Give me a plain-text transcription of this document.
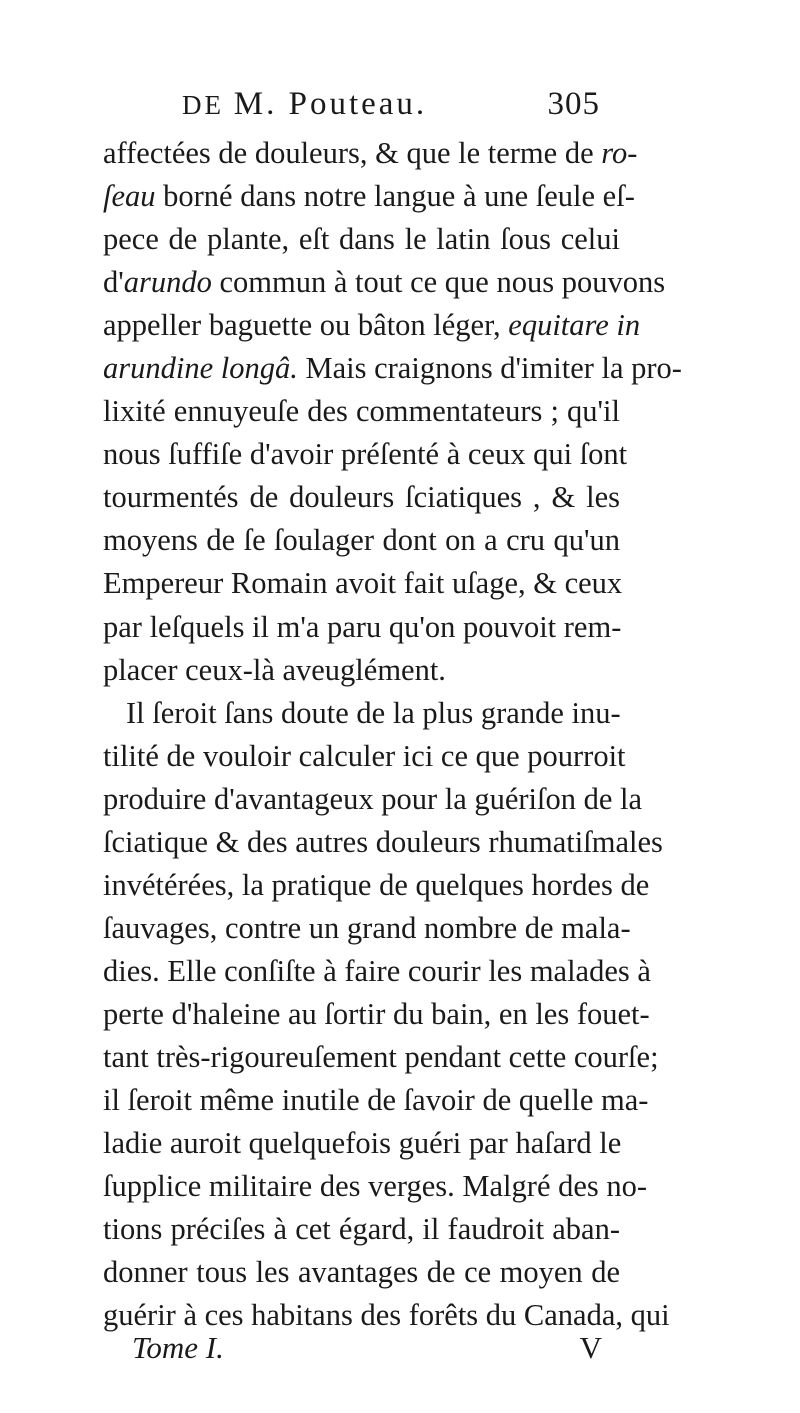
DE M. Pouteau.	305
affectées de douleurs, & que le terme de ro-
ſeau borné dans notre langue à une ſeule eſ-
pece de plante, eſt dans le latin ſous celui
d'arundo commun à tout ce que nous pouvons
appeller baguette ou bâton léger, equitare in
arundine longâ. Mais craignons d'imiter la pro-
lixité ennuyeuſe des commentateurs ; qu'il
nous ſuffiſe d'avoir préſenté à ceux qui ſont
tourmentés de douleurs ſciatiques , & les
moyens de ſe ſoulager dont on a cru qu'un
Empereur Romain avoit fait uſage, & ceux
par leſquels il m'a paru qu'on pouvoit rem-
placer ceux-là aveuglément.
Il ſeroit ſans doute de la plus grande inu-
tilité de vouloir calculer ici ce que pourroit
produire d'avantageux pour la guériſon de la
ſciatique & des autres douleurs rhumatiſmales
invétérées, la pratique de quelques hordes de
ſauvages, contre un grand nombre de mala-
dies. Elle conſiſte à faire courir les malades à
perte d'haleine au ſortir du bain, en les fouet-
tant très-rigoureuſement pendant cette courſe;
il ſeroit même inutile de ſavoir de quelle ma-
ladie auroit quelquefois guéri par haſard le
ſupplice militaire des verges. Malgré des no-
tions préciſes à cet égard, il faudroit aban-
donner tous les avantages de ce moyen de
guérir à ces habitans des forêts du Canada, qui
Tome I.	V
